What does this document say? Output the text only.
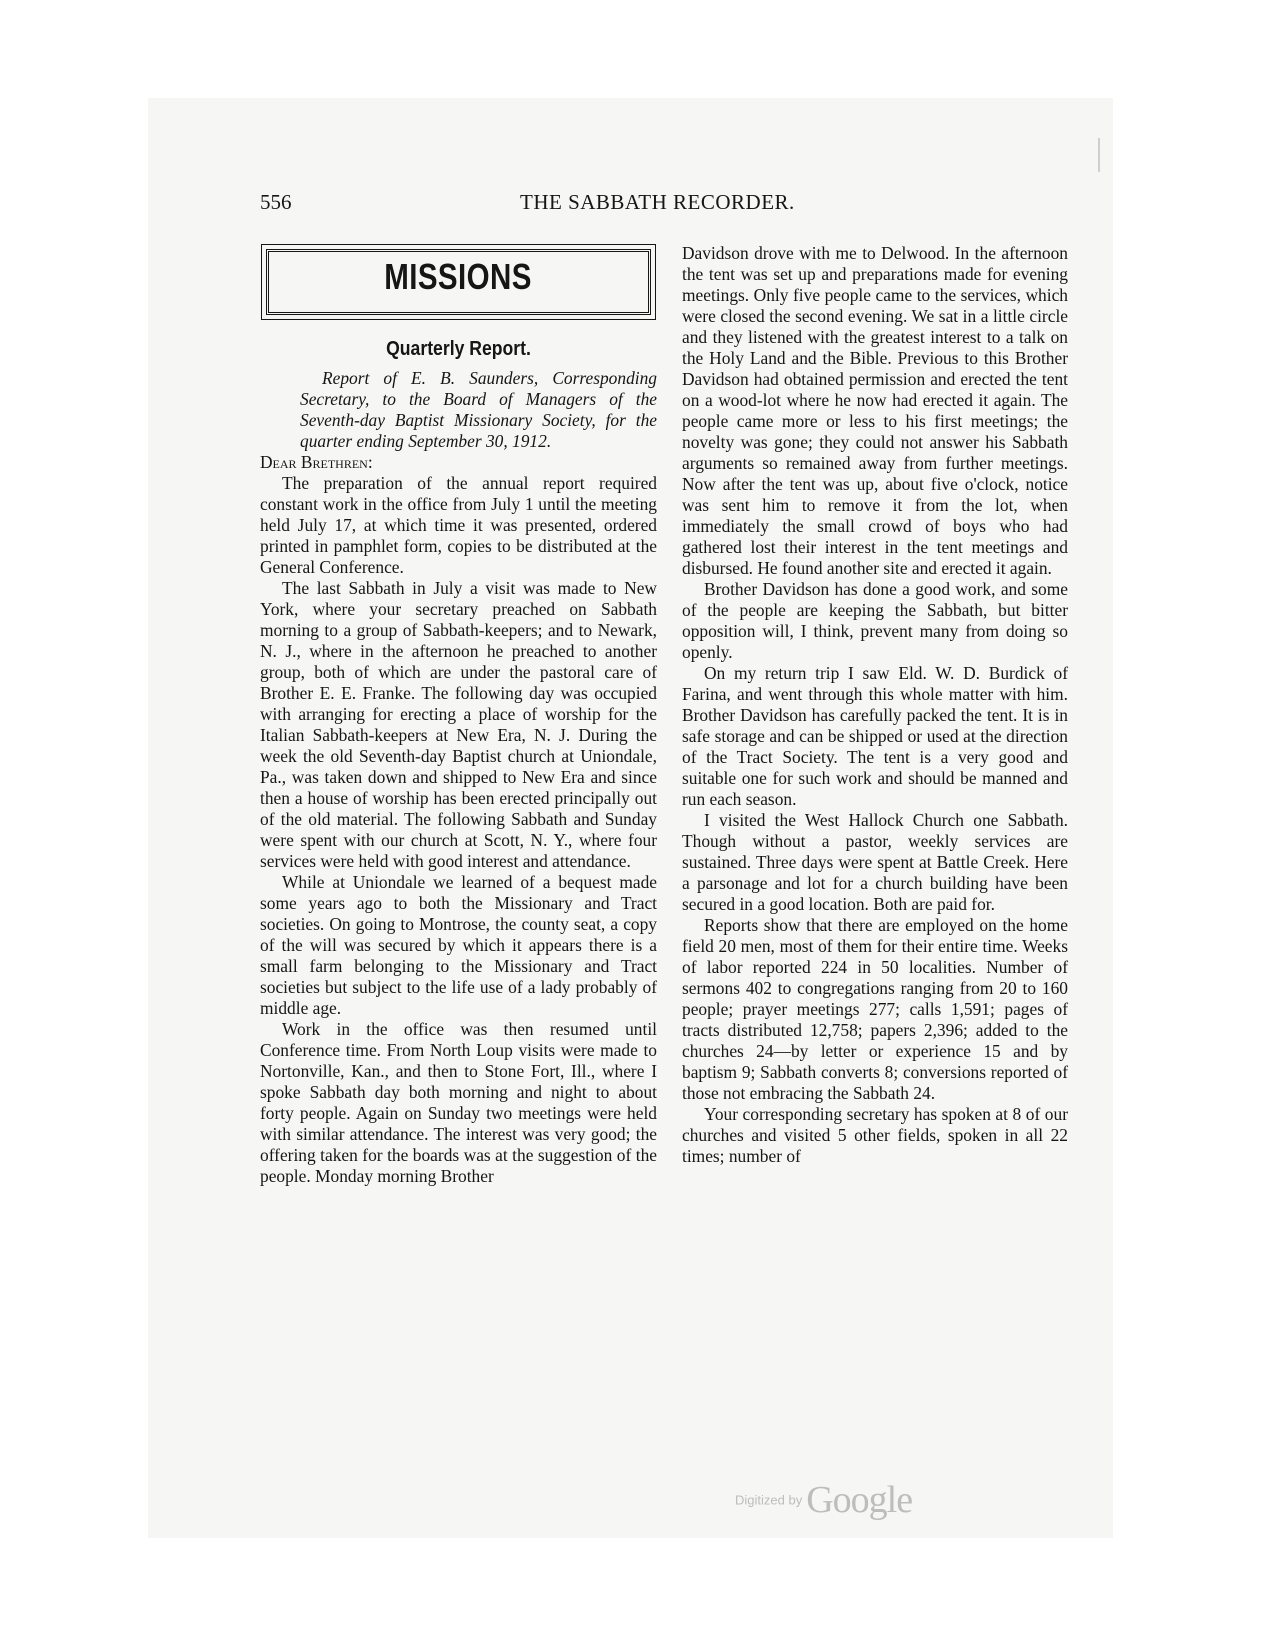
556	THE SABBATH RECORDER.
MISSIONS
Quarterly Report.

Report of E. B. Saunders, Corresponding Secretary, to the Board of Managers of the Seventh-day Baptist Missionary Society, for the quarter ending September 30, 1912.

Dear Brethren:

The preparation of the annual report required constant work in the office from July 1 until the meeting held July 17, at which time it was presented, ordered printed in pamphlet form, copies to be distributed at the General Conference.

The last Sabbath in July a visit was made to New York, where your secretary preached on Sabbath morning to a group of Sabbath-keepers; and to Newark, N. J., where in the afternoon he preached to another group, both of which are under the pastoral care of Brother E. E. Franke. The following day was occupied with arranging for erecting a place of worship for the Italian Sabbath-keepers at New Era, N. J. During the week the old Seventh-day Baptist church at Uniondale, Pa., was taken down and shipped to New Era and since then a house of worship has been erected principally out of the old material. The following Sabbath and Sunday were spent with our church at Scott, N. Y., where four services were held with good interest and attendance.

While at Uniondale we learned of a bequest made some years ago to both the Missionary and Tract societies. On going to Montrose, the county seat, a copy of the will was secured by which it appears there is a small farm belonging to the Missionary and Tract societies but subject to the life use of a lady probably of middle age.

Work in the office was then resumed until Conference time. From North Loup visits were made to Nortonville, Kan., and then to Stone Fort, Ill., where I spoke Sabbath day both morning and night to about forty people. Again on Sunday two meetings were held with similar attendance. The interest was very good; the offering taken for the boards was at the suggestion of the people. Monday morning Brother

Davidson drove with me to Delwood. In the afternoon the tent was set up and preparations made for evening meetings. Only five people came to the services, which were closed the second evening. We sat in a little circle and they listened with the greatest interest to a talk on the Holy Land and the Bible. Previous to this Brother Davidson had obtained permission and erected the tent on a wood-lot where he now had erected it again. The people came more or less to his first meetings; the novelty was gone; they could not answer his Sabbath arguments so remained away from further meetings. Now after the tent was up, about five o'clock, notice was sent him to remove it from the lot, when immediately the small crowd of boys who had gathered lost their interest in the tent meetings and disbursed. He found another site and erected it again.

Brother Davidson has done a good work, and some of the people are keeping the Sabbath, but bitter opposition will, I think, prevent many from doing so openly.

On my return trip I saw Eld. W. D. Burdick of Farina, and went through this whole matter with him. Brother Davidson has carefully packed the tent. It is in safe storage and can be shipped or used at the direction of the Tract Society. The tent is a very good and suitable one for such work and should be manned and run each season.

I visited the West Hallock Church one Sabbath. Though without a pastor, weekly services are sustained. Three days were spent at Battle Creek. Here a parsonage and lot for a church building have been secured in a good location. Both are paid for.

Reports show that there are employed on the home field 20 men, most of them for their entire time. Weeks of labor reported 224 in 50 localities. Number of sermons 402 to congregations ranging from 20 to 160 people; prayer meetings 277; calls 1,591; pages of tracts distributed 12,758; papers 2,396; added to the churches 24—by letter or experience 15 and by baptism 9; Sabbath converts 8; conversions reported of those not embracing the Sabbath 24.

Your corresponding secretary has spoken at 8 of our churches and visited 5 other fields, spoken in all 22 times; number of

Digitized by Google
